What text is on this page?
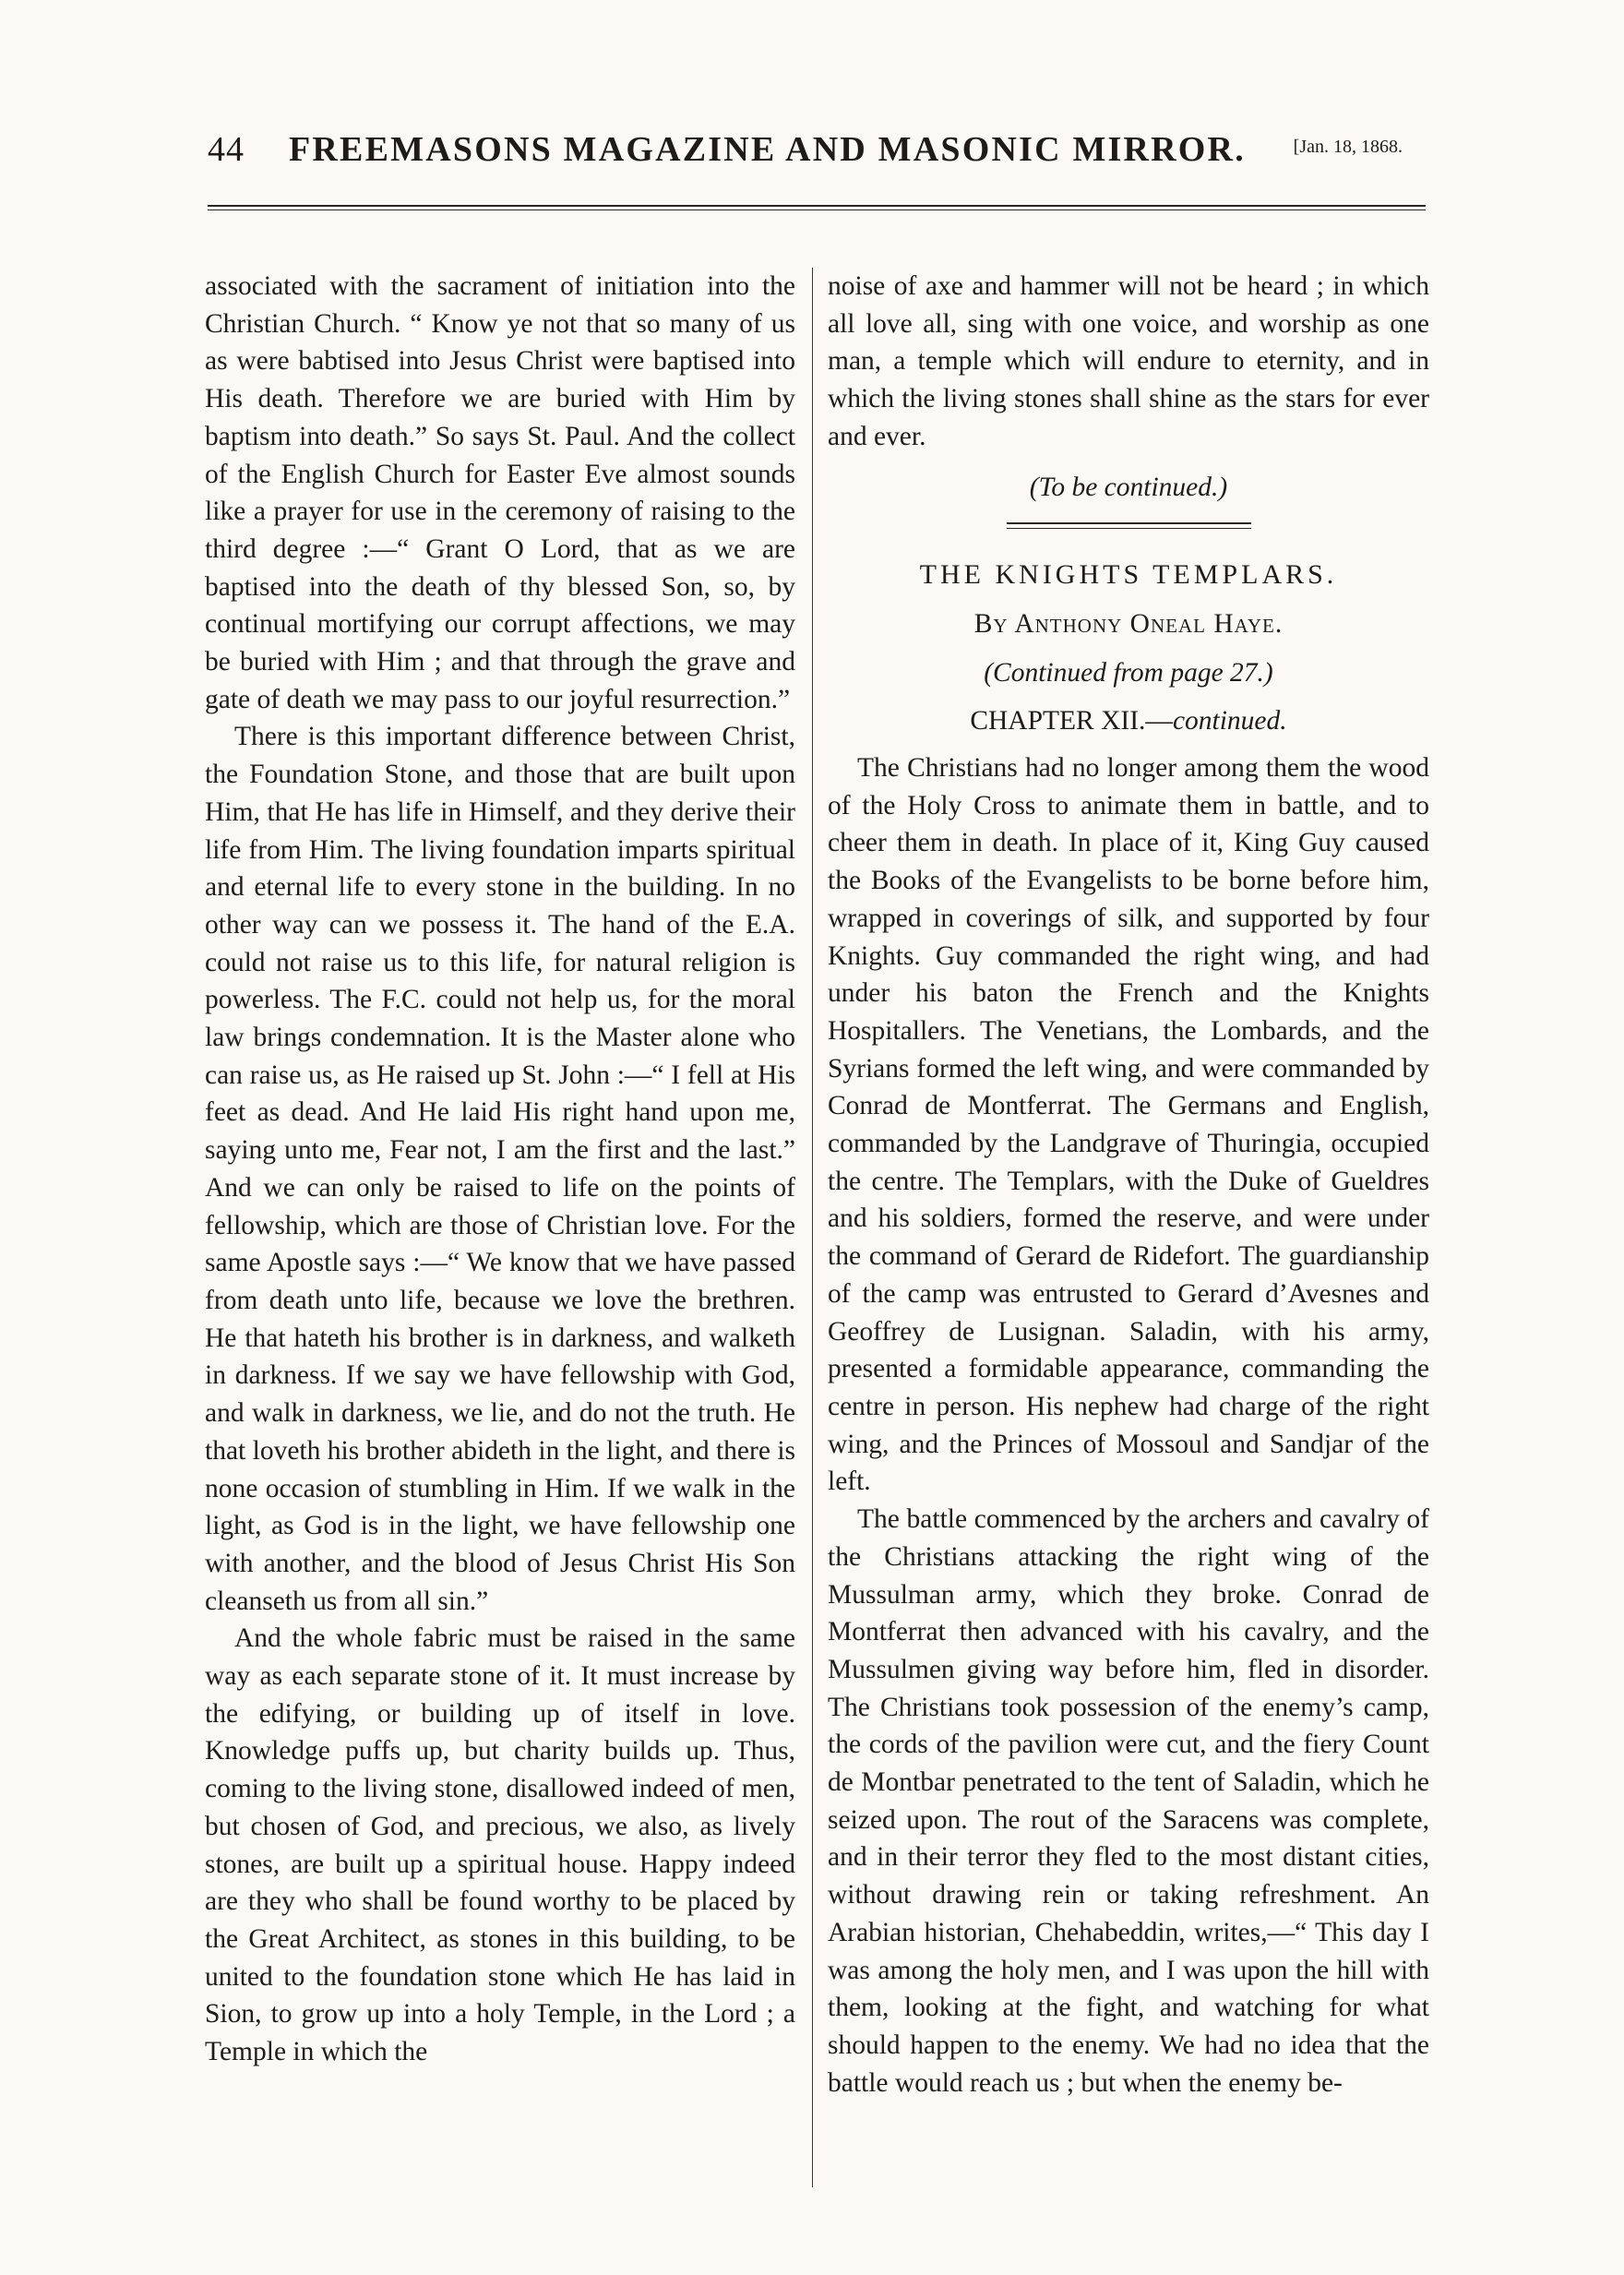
44 FREEMASONS MAGAZINE AND MASONIC MIRROR.	[Jan. 18, 1868.

associated with the sacrament of initiation into the Christian Church. “ Know ye not that so many of us as were babtised into Jesus Christ were baptised into His death. Therefore we are buried with Him by baptism into death.” So says St. Paul. And the collect of the English Church for Easter Eve almost sounds like a prayer for use in the ceremony of raising to the third degree :—“ Grant O Lord, that as we are baptised into the death of thy blessed Son, so, by continual mortifying our corrupt affections, we may be buried with Him ; and that through the grave and gate of death we may pass to our joyful resurrection.”

There is this important difference between Christ, the Foundation Stone, and those that are built upon Him, that He has life in Himself, and they derive their life from Him. The living foundation imparts spiritual and eternal life to every stone in the building. In no other way can we possess it. The hand of the E.A. could not raise us to this life, for natural religion is powerless. The F.C. could not help us, for the moral law brings condemnation. It is the Master alone who can raise us, as He raised up St. John :—“ I fell at His feet as dead. And He laid His right hand upon me, saying unto me, Fear not, I am the first and the last.” And we can only be raised to life on the points of fellowship, which are those of Christian love. For the same Apostle says :—“ We know that we have passed from death unto life, because we love the brethren. He that hateth his brother is in darkness, and walketh in darkness. If we say we have fellowship with God, and walk in darkness, we lie, and do not the truth. He that loveth his brother abideth in the light, and there is none occasion of stumbling in Him. If we walk in the light, as God is in the light, we have fellowship one with another, and the blood of Jesus Christ His Son cleanseth us from all sin.”

And the whole fabric must be raised in the same way as each separate stone of it. It must increase by the edifying, or building up of itself in love. Knowledge puffs up, but charity builds up. Thus, coming to the living stone, disallowed indeed of men, but chosen of God, and precious, we also, as lively stones, are built up a spiritual house. Happy indeed are they who shall be found worthy to be placed by the Great Architect, as stones in this building, to be united to the foundation stone which He has laid in Sion, to grow up into a holy Temple, in the Lord ; a Temple in which the

noise of axe and hammer will not be heard ; in which all love all, sing with one voice, and worship as one man, a temple which will endure to eternity, and in which the living stones shall shine as the stars for ever and ever.

(To be continued.)

THE KNIGHTS TEMPLARS.

By Anthony Oneal Haye.

(Continued from page 27.)

CHAPTER XII.—continued.

The Christians had no longer among them the wood of the Holy Cross to animate them in battle, and to cheer them in death. In place of it, King Guy caused the Books of the Evangelists to be borne before him, wrapped in coverings of silk, and supported by four Knights. Guy commanded the right wing, and had under his baton the French and the Knights Hospitallers. The Venetians, the Lombards, and the Syrians formed the left wing, and were commanded by Conrad de Montferrat. The Germans and English, commanded by the Landgrave of Thuringia, occupied the centre. The Templars, with the Duke of Gueldres and his soldiers, formed the reserve, and were under the command of Gerard de Ridefort. The guardianship of the camp was entrusted to Gerard d’Avesnes and Geoffrey de Lusignan. Saladin, with his army, presented a formidable appearance, commanding the centre in person. His nephew had charge of the right wing, and the Princes of Mossoul and Sandjar of the left.

The battle commenced by the archers and cavalry of the Christians attacking the right wing of the Mussulman army, which they broke. Conrad de Montferrat then advanced with his cavalry, and the Mussulmen giving way before him, fled in disorder. The Christians took possession of the enemy’s camp, the cords of the pavilion were cut, and the fiery Count de Montbar penetrated to the tent of Saladin, which he seized upon. The rout of the Saracens was complete, and in their terror they fled to the most distant cities, without drawing rein or taking refreshment. An Arabian historian, Chehabeddin, writes,—“ This day I was among the holy men, and I was upon the hill with them, looking at the fight, and watching for what should happen to the enemy. We had no idea that the battle would reach us ; but when the enemy be-
